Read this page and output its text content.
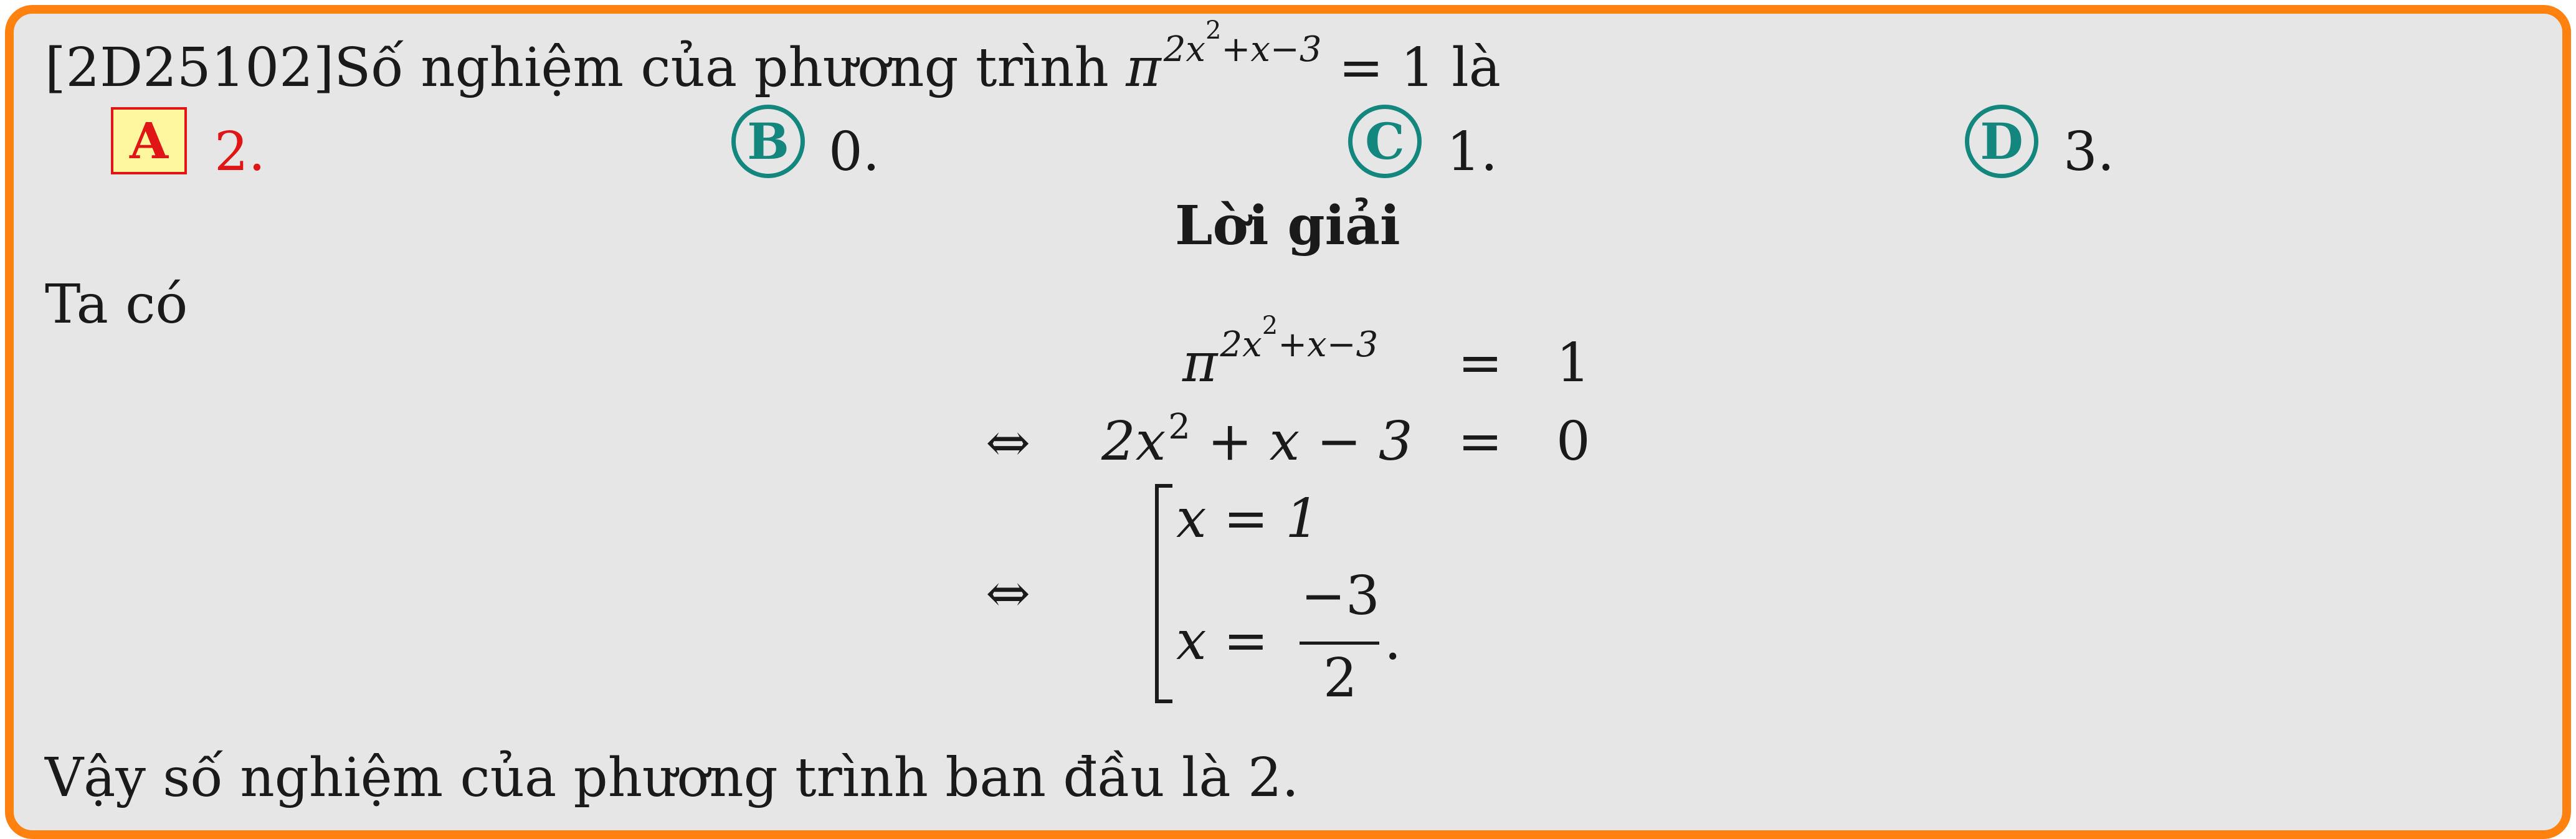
[2D25102]Số nghiệm của phương trình $\pi^{2x^2+x-3} = 1$ là
A 2.	B 0.	C 1.	D 3.
Lời giải
Ta có
$\pi^{2x^2+x-3} = 1$
⇔ $2x^2 + x - 3 = 0$
⇔
x = 1
x =
−3
2
.
Vậy số nghiệm của phương trình ban đầu là 2.
